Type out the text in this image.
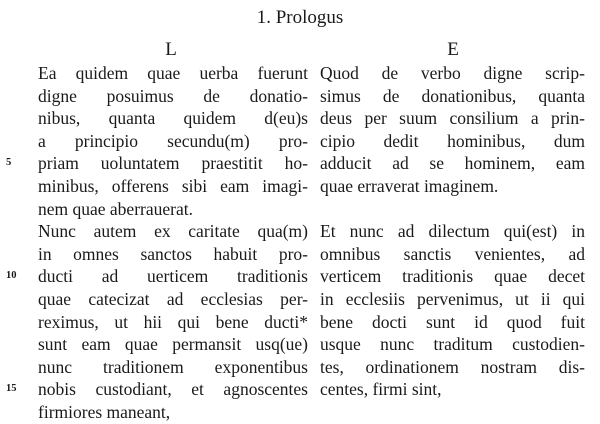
1. Prologus
L	E
5
10
15
Ea quidem quae uerba fuerunt
digne posuimus de donatio-
nibus, quanta quidem d(eu)s
a principio secundu(m) pro-
priam uoluntatem praestitit ho-
minibus, offerens sibi eam imagi-
nem quae aberrauerat.
Nunc autem ex caritate qua(m)
in omnes sanctos habuit pro-
ducti ad uerticem traditionis
quae catecizat ad ecclesias per-
reximus, ut hii qui bene ducti*
sunt eam quae permansit usq(ue)
nunc traditionem exponentibus
nobis custodiant, et agnoscentes
firmiores maneant,
Quod de verbo digne scrip-
simus de donationibus, quanta
deus per suum consilium a prin-
cipio dedit hominibus, dum
adducit ad se hominem, eam
quae erraverat imaginem.
Et nunc ad dilectum qui(est) in
omnibus sanctis venientes, ad
verticem traditionis quae decet
in ecclesiis pervenimus, ut ii qui
bene docti sunt id quod fuit
usque nunc traditum custodien-
tes, ordinationem nostram dis-
centes, firmi sint,
